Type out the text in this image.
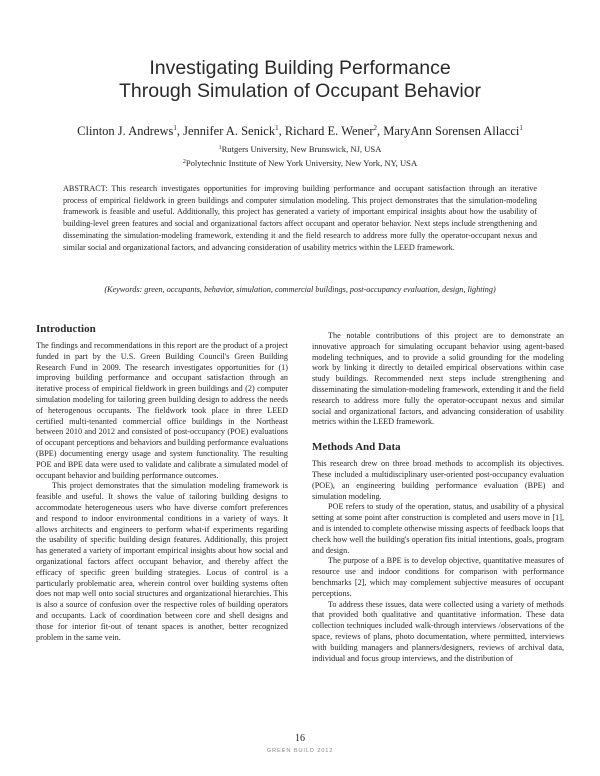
Investigating Building Performance
Through Simulation of Occupant Behavior

Clinton J. Andrews$^1$, Jennifer A. Senick$^1$, Richard E. Wener$^2$, MaryAnn Sorensen Allacci$^1$

$^1$Rutgers University, New Brunswick, NJ, USA

$^2$Polytechnic Institute of New York University, New York, NY, USA

ABSTRACT: This research investigates opportunities for improving building performance and occupant satisfaction through an iterative process of empirical fieldwork in green buildings and computer simulation modeling. This project demonstrates that the simulation-modeling framework is feasible and useful. Additionally, this project has generated a variety of important empirical insights about how the usability of building-level green features and social and organizational factors affect occupant and operator behavior. Next steps include strengthening and disseminating the simulation-modeling framework, extending it and the field research to address more fully the operator-occupant nexus and similar social and organizational factors, and advancing consideration of usability metrics within the LEED framework.

(Keywords: green, occupants, behavior, simulation, commercial buildings, post-occupancy evaluation, design, lighting)

Introduction

The findings and recommendations in this report are the product of a project funded in part by the U.S. Green Building Council's Green Building Research Fund in 2009. The research investigates opportunities for (1) improving building performance and occupant satisfaction through an iterative process of empirical fieldwork in green buildings and (2) computer simulation modeling for tailoring green building design to address the needs of heterogenous occupants. The fieldwork took place in three LEED certified multi-tenanted commercial office buildings in the Northeast between 2010 and 2012 and consisted of post-occupancy (POE) evaluations of occupant perceptions and behaviors and building performance evaluations (BPE) documenting energy usage and system functionality. The resulting POE and BPE data were used to validate and calibrate a simulated model of occupant behavior and building performance outcomes.

This project demonstrates that the simulation modeling framework is feasible and useful. It shows the value of tailoring building designs to accommodate heterogeneous users who have diverse comfort preferences and respond to indoor environmental conditions in a variety of ways. It allows architects and engineers to perform what-if experiments regarding the usability of specific building design features. Additionally, this project has generated a variety of important empirical insights about how social and organizational factors affect occupant behavior, and thereby affect the efficacy of specific green building strategies. Locus of control is a particularly problematic area, wherein control over building systems often does not map well onto social structures and organizational hierarchies. This is also a source of confusion over the respective roles of building operators and occupants. Lack of coordination between core and shell designs and those for interior fit-out of tenant spaces is another, better recognized problem in the same vein.

The notable contributions of this project are to demonstrate an innovative approach for simulating occupant behavior using agent-based modeling techniques, and to provide a solid grounding for the modeling work by linking it directly to detailed empirical observations within case study buildings. Recommended next steps include strengthening and disseminating the simulation-modeling framework, extending it and the field research to address more fully the operator-occupant nexus and similar social and organizational factors, and advancing consideration of usability metrics within the LEED framework.

Methods And Data

This research drew on three broad methods to accomplish its objectives. These included a multidisciplinary user-oriented post-occupancy evaluation (POE), an engineering building performance evaluation (BPE) and simulation modeling.

POE refers to study of the operation, status, and usability of a physical setting at some point after construction is completed and users move in [1], and is intended to complete otherwise missing aspects of feedback loops that check how well the building's operation fits initial intentions, goals, program and design.

The purpose of a BPE is to develop objective, quantitative measures of resource use and indoor conditions for comparison with performance benchmarks [2], which may complement subjective measures of occupant perceptions.

To address these issues, data were collected using a variety of methods that provided both qualitative and quantitative information. These data collection techniques included walk-through interviews /observations of the space, reviews of plans, photo documentation, where permitted, interviews with building managers and planners/designers, reviews of archival data, individual and focus group interviews, and the distribution of

16

GREEN BUILD 2012
